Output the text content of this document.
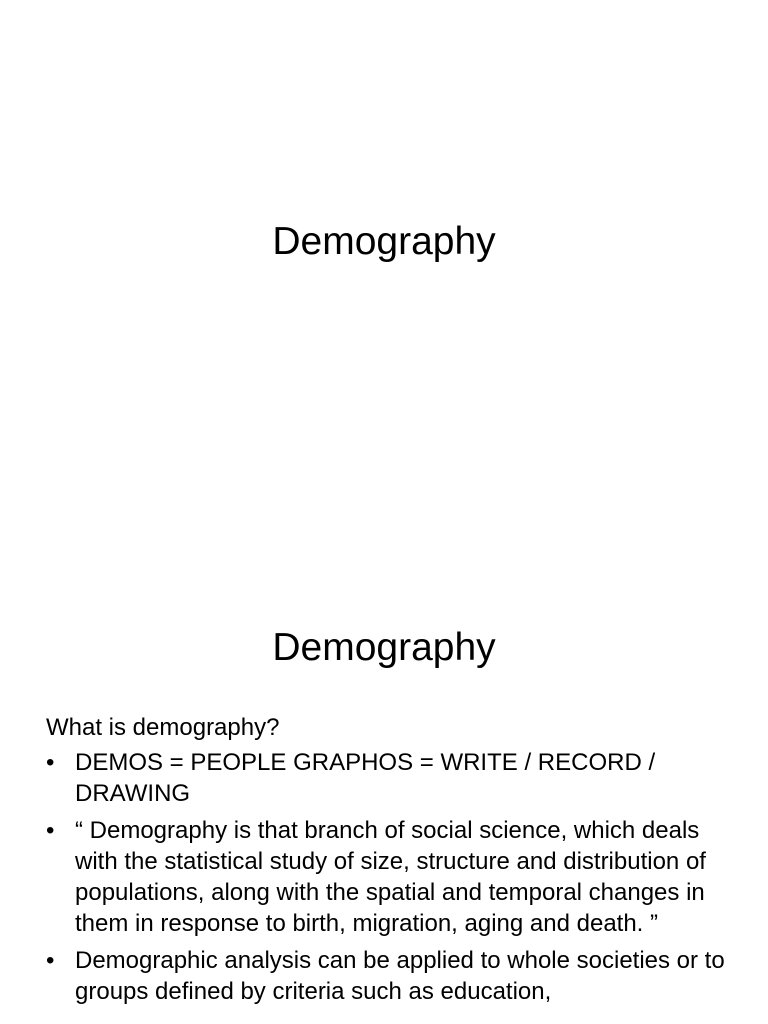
Demography
Demography

What is demography?

• DEMOS = PEOPLE GRAPHOS = WRITE / RECORD / DRAWING
• “ Demography is that branch of social science, which deals with the statistical study of size, structure and distribution of populations, along with the spatial and temporal changes in them in response to birth, migration, aging and death. ”
• Demographic analysis can be applied to whole societies or to groups defined by criteria such as education,
